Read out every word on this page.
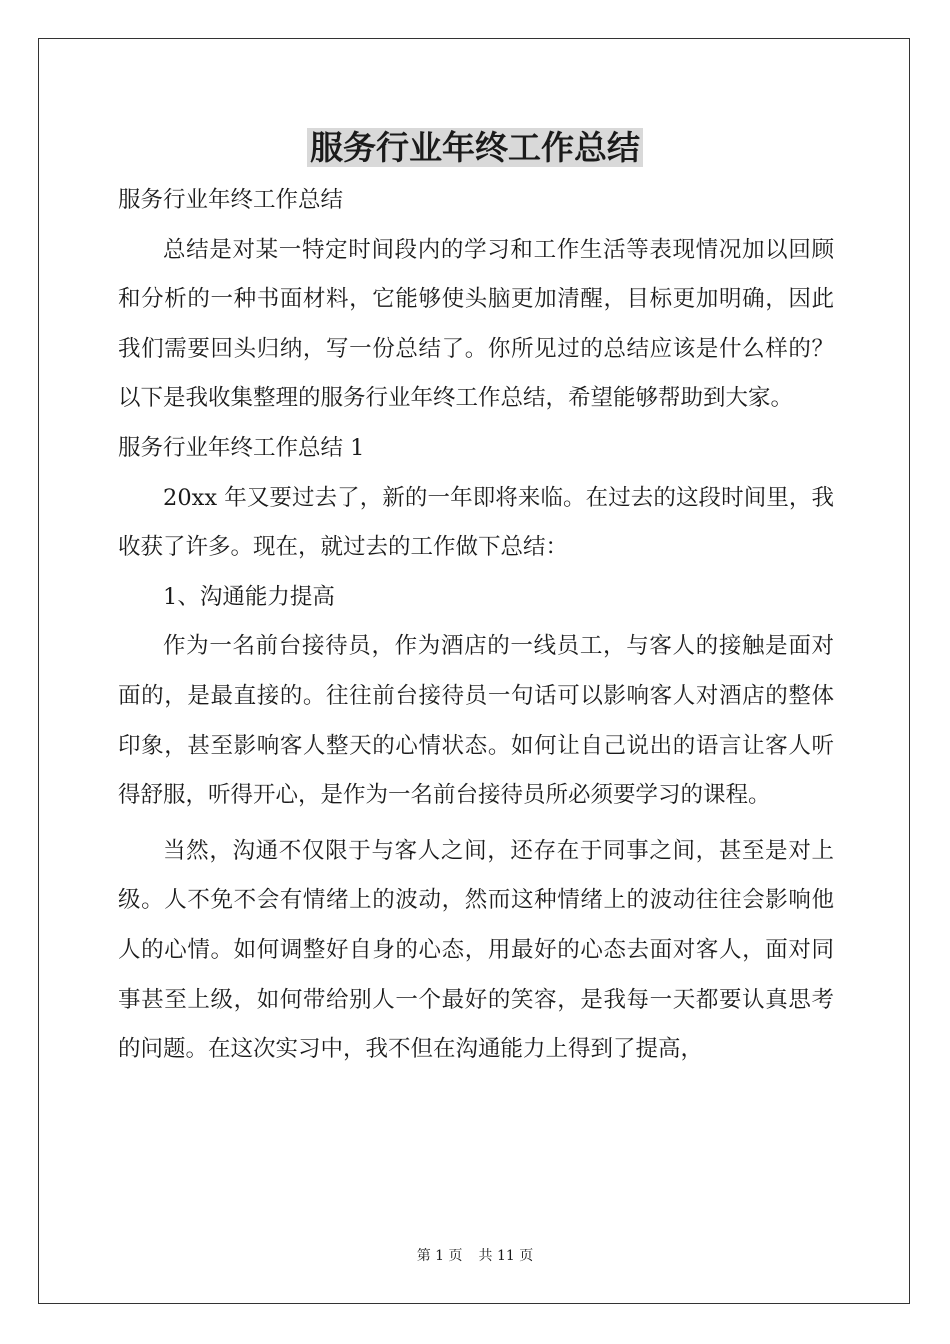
服务行业年终工作总结

服务行业年终工作总结

总结是对某一特定时间段内的学习和工作生活等表现情况加以回顾和分析的一种书面材料，它能够使头脑更加清醒，目标更加明确，因此我们需要回头归纳，写一份总结了。你所见过的总结应该是什么样的？以下是我收集整理的服务行业年终工作总结，希望能够帮助到大家。

服务行业年终工作总结 1

20xx 年又要过去了，新的一年即将来临。在过去的这段时间里，我收获了许多。现在，就过去的工作做下总结：

1、沟通能力提高

作为一名前台接待员，作为酒店的一线员工，与客人的接触是面对面的，是最直接的。往往前台接待员一句话可以影响客人对酒店的整体印象，甚至影响客人整天的心情状态。如何让自己说出的语言让客人听得舒服，听得开心，是作为一名前台接待员所必须要学习的课程。

当然，沟通不仅限于与客人之间，还存在于同事之间，甚至是对上级。人不免不会有情绪上的波动，然而这种情绪上的波动往往会影响他人的心情。如何调整好自身的心态，用最好的心态去面对客人，面对同事甚至上级，如何带给别人一个最好的笑容，是我每一天都要认真思考的问题。在这次实习中，我不但在沟通能力上得到了提高，

第 1 页 共 11 页
